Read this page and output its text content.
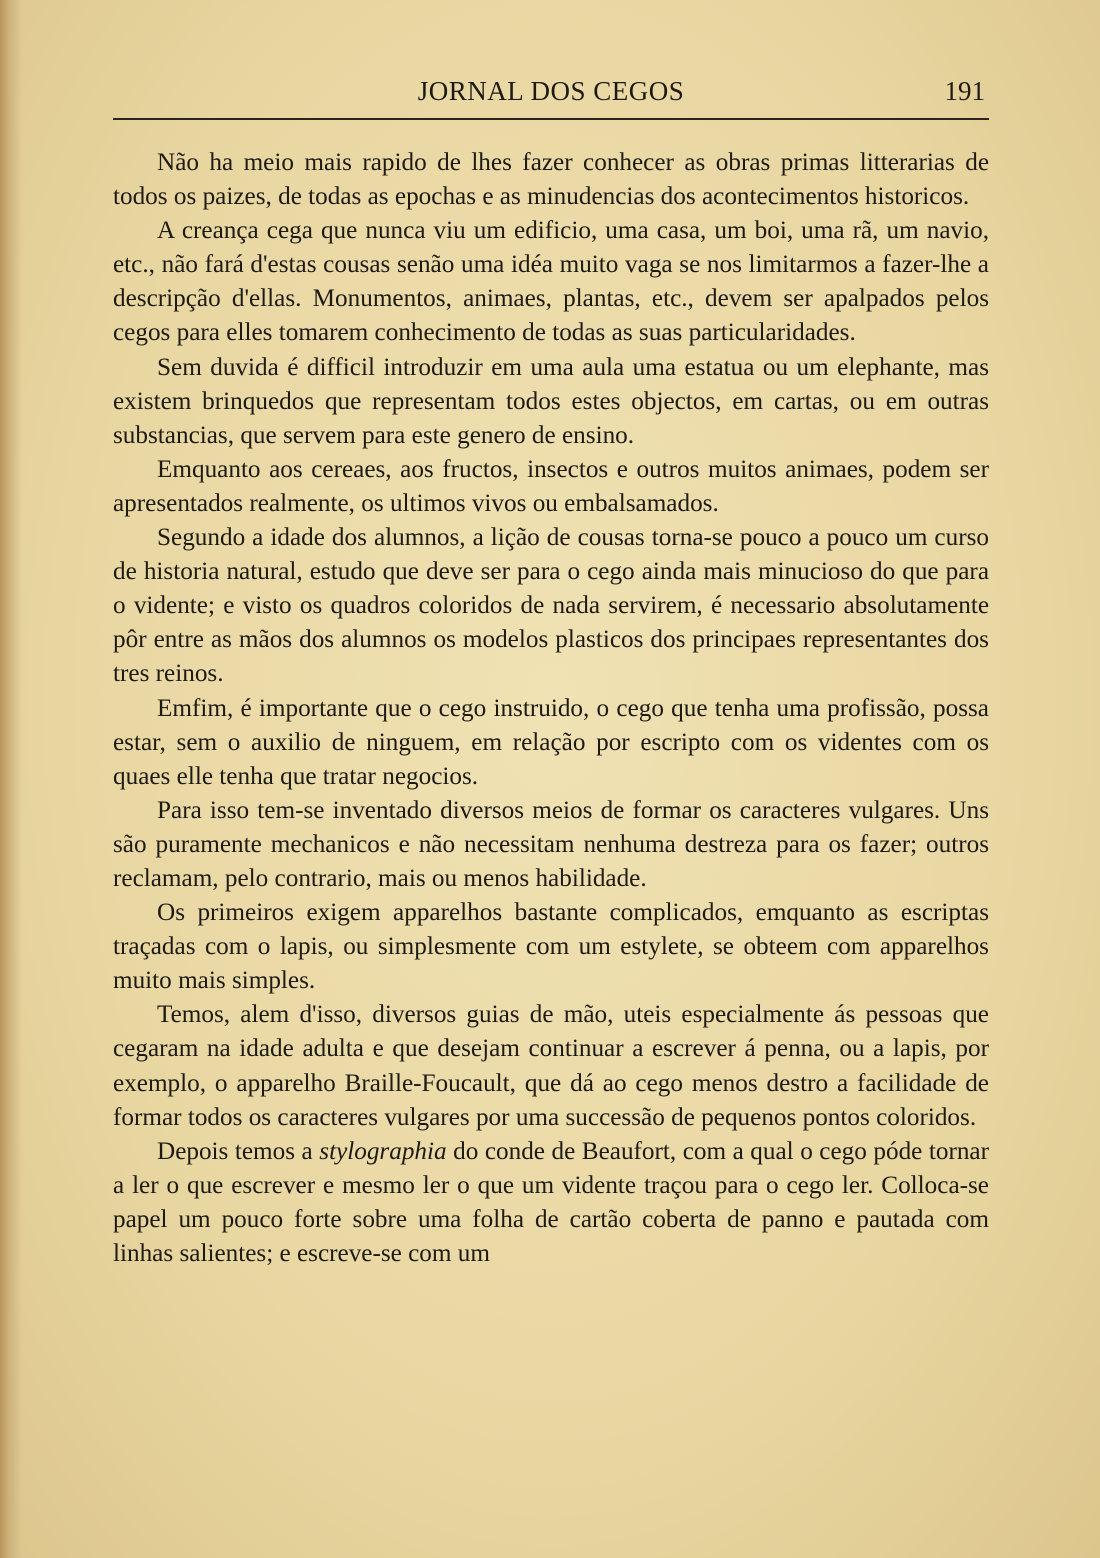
JORNAL DOS CEGOS	191

Não ha meio mais rapido de lhes fazer conhecer as obras primas litterarias de todos os paizes, de todas as epochas e as minudencias dos acontecimentos historicos.

A creança cega que nunca viu um edificio, uma casa, um boi, uma rã, um navio, etc., não fará d'estas cousas senão uma idéa muito vaga se nos limitarmos a fazer-lhe a descripção d'ellas. Monumentos, animaes, plantas, etc., devem ser apalpados pelos cegos para elles tomarem conhecimento de todas as suas particularidades.

Sem duvida é difficil introduzir em uma aula uma estatua ou um elephante, mas existem brinquedos que representam todos estes objectos, em cartas, ou em outras substancias, que servem para este genero de ensino.

Emquanto aos cereaes, aos fructos, insectos e outros muitos animaes, podem ser apresentados realmente, os ultimos vivos ou embalsamados.

Segundo a idade dos alumnos, a lição de cousas torna-se pouco a pouco um curso de historia natural, estudo que deve ser para o cego ainda mais minucioso do que para o vidente; e visto os quadros coloridos de nada servirem, é necessario absolutamente pôr entre as mãos dos alumnos os modelos plasticos dos principaes representantes dos tres reinos.

Emfim, é importante que o cego instruido, o cego que tenha uma profissão, possa estar, sem o auxilio de ninguem, em relação por escripto com os videntes com os quaes elle tenha que tratar negocios.

Para isso tem-se inventado diversos meios de formar os caracteres vulgares. Uns são puramente mechanicos e não necessitam nenhuma destreza para os fazer; outros reclamam, pelo contrario, mais ou menos habilidade.

Os primeiros exigem apparelhos bastante complicados, emquanto as escriptas traçadas com o lapis, ou simplesmente com um estylete, se obteem com apparelhos muito mais simples.

Temos, alem d'isso, diversos guias de mão, uteis especialmente ás pessoas que cegaram na idade adulta e que desejam continuar a escrever á penna, ou a lapis, por exemplo, o apparelho Braille-Foucault, que dá ao cego menos destro a facilidade de formar todos os caracteres vulgares por uma successão de pequenos pontos coloridos.

Depois temos a stylographia do conde de Beaufort, com a qual o cego póde tornar a ler o que escrever e mesmo ler o que um vidente traçou para o cego ler. Colloca-se papel um pouco forte sobre uma folha de cartão coberta de panno e pautada com linhas salientes; e escreve-se com um
